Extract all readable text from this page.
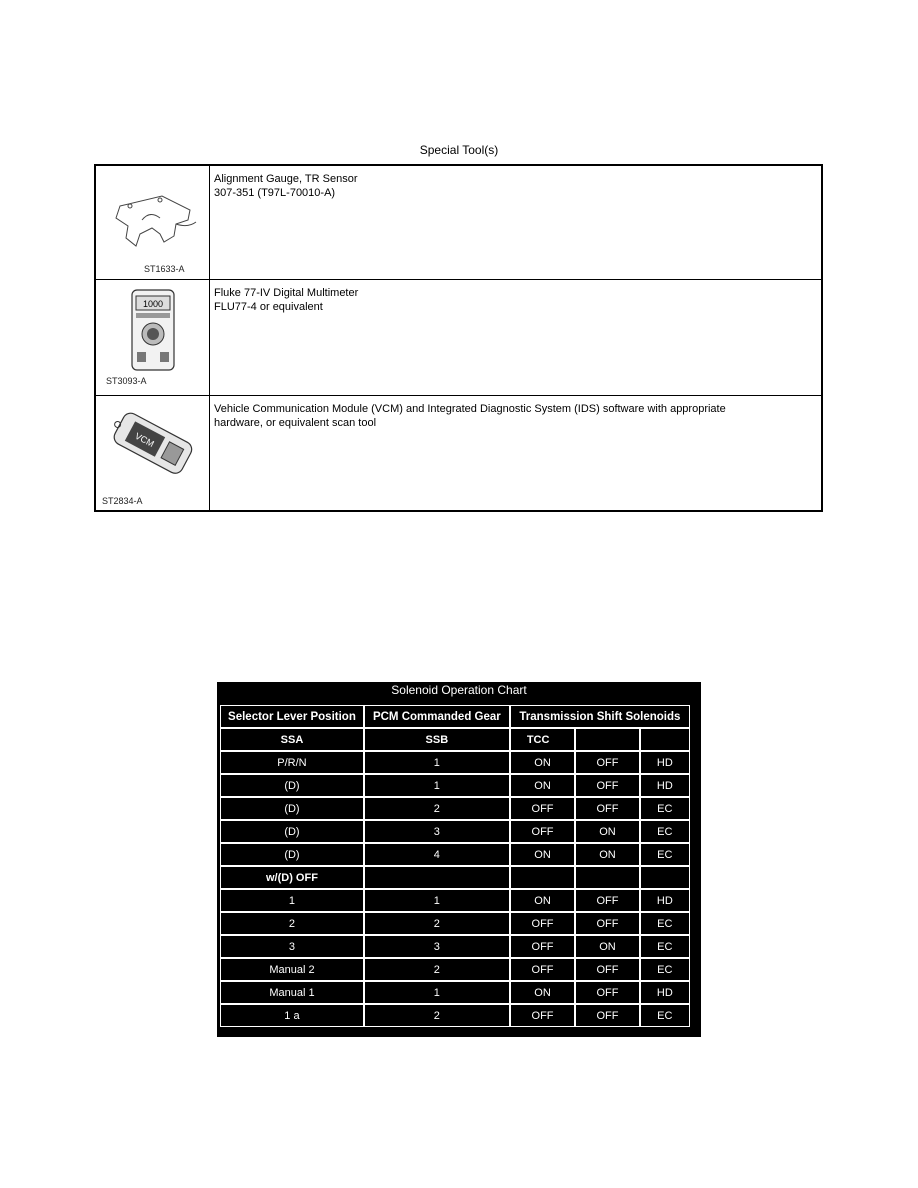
Special Tool(s)
ST1633-A	Alignment Gauge, TR Sensor
307-351 (T97L-70010-A)

1000
ST3093-A	Fluke 77-IV Digital Multimeter
FLU77-4 or equivalent

VCM
ST2834-A	Vehicle Communication Module (VCM) and Integrated Diagnostic System (IDS) software with appropriate
hardware, or equivalent scan tool
Solenoid Operation Chart
Selector Lever Position	PCM Commanded Gear	Transmission Shift Solenoids		
SSA	SSB	TCC		
P/R/N	1	ON	OFF	HD
(D)	1	ON	OFF	HD
(D)	2	OFF	OFF	EC
(D)	3	OFF	ON	EC
(D)	4	ON	ON	EC
w/(D) OFF				
1	1	ON	OFF	HD
2	2	OFF	OFF	EC
3	3	OFF	ON	EC
Manual 2	2	OFF	OFF	EC
Manual 1	1	ON	OFF	HD
1 a	2	OFF	OFF	EC
